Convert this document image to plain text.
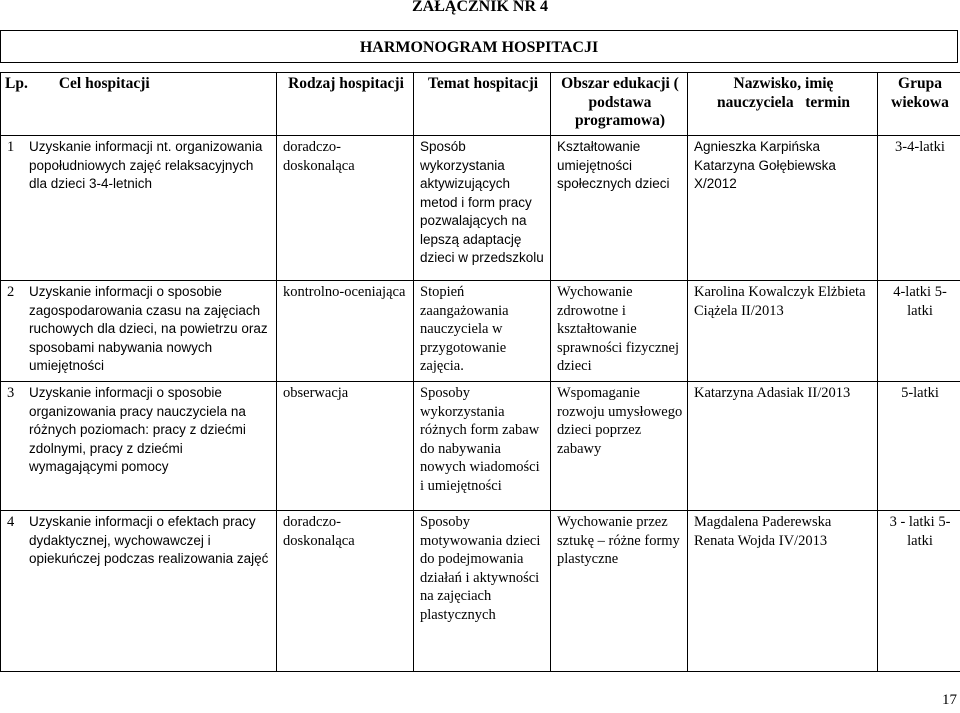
ZAŁĄCZNIK NR 4
HARMONOGRAM HOSPITACJI
Lp.        Cel hospitacji	Rodzaj hospitacji	Temat hospitacji	Obszar edukacji ( podstawa programowa)	Nazwisko, imię nauczyciela   termin	Grupa wiekowa

1 Uzyskanie informacji nt. organizowania popołudniowych zajęć relaksacyjnych dla dzieci 3-4-letnich	doradczo-doskonaląca	Sposób wykorzystania aktywizujących metod i form pracy pozwalających na lepszą adaptację dzieci w przedszkolu	Kształtowanie umiejętności społecznych dzieci	Agnieszka Karpińska Katarzyna Gołębiewska X/2012	3-4-latki

2 Uzyskanie informacji o sposobie zagospodarowania czasu na zajęciach ruchowych dla dzieci, na powietrzu oraz sposobami nabywania nowych umiejętności	kontrolno-oceniająca	Stopień zaangażowania nauczyciela w przygotowanie zajęcia.	Wychowanie zdrowotne i kształtowanie sprawności fizycznej dzieci	Karolina Kowalczyk Elżbieta Ciążela II/2013	4-latki 5-latki

3 Uzyskanie informacji o sposobie organizowania pracy nauczyciela na różnych poziomach: pracy z dziećmi zdolnymi, pracy z dziećmi wymagającymi pomocy	obserwacja	Sposoby wykorzystania różnych form zabaw do nabywania nowych wiadomości i umiejętności	Wspomaganie rozwoju umysłowego dzieci poprzez zabawy	Katarzyna Adasiak II/2013	5-latki

4 Uzyskanie informacji o efektach pracy dydaktycznej, wychowawczej i opiekuńczej podczas realizowania zajęć	doradczo-doskonaląca	Sposoby motywowania dzieci do podejmowania działań i aktywności na zajęciach plastycznych	Wychowanie przez sztukę – różne formy plastyczne	Magdalena Paderewska Renata Wojda IV/2013	3 - latki 5-latki
17
